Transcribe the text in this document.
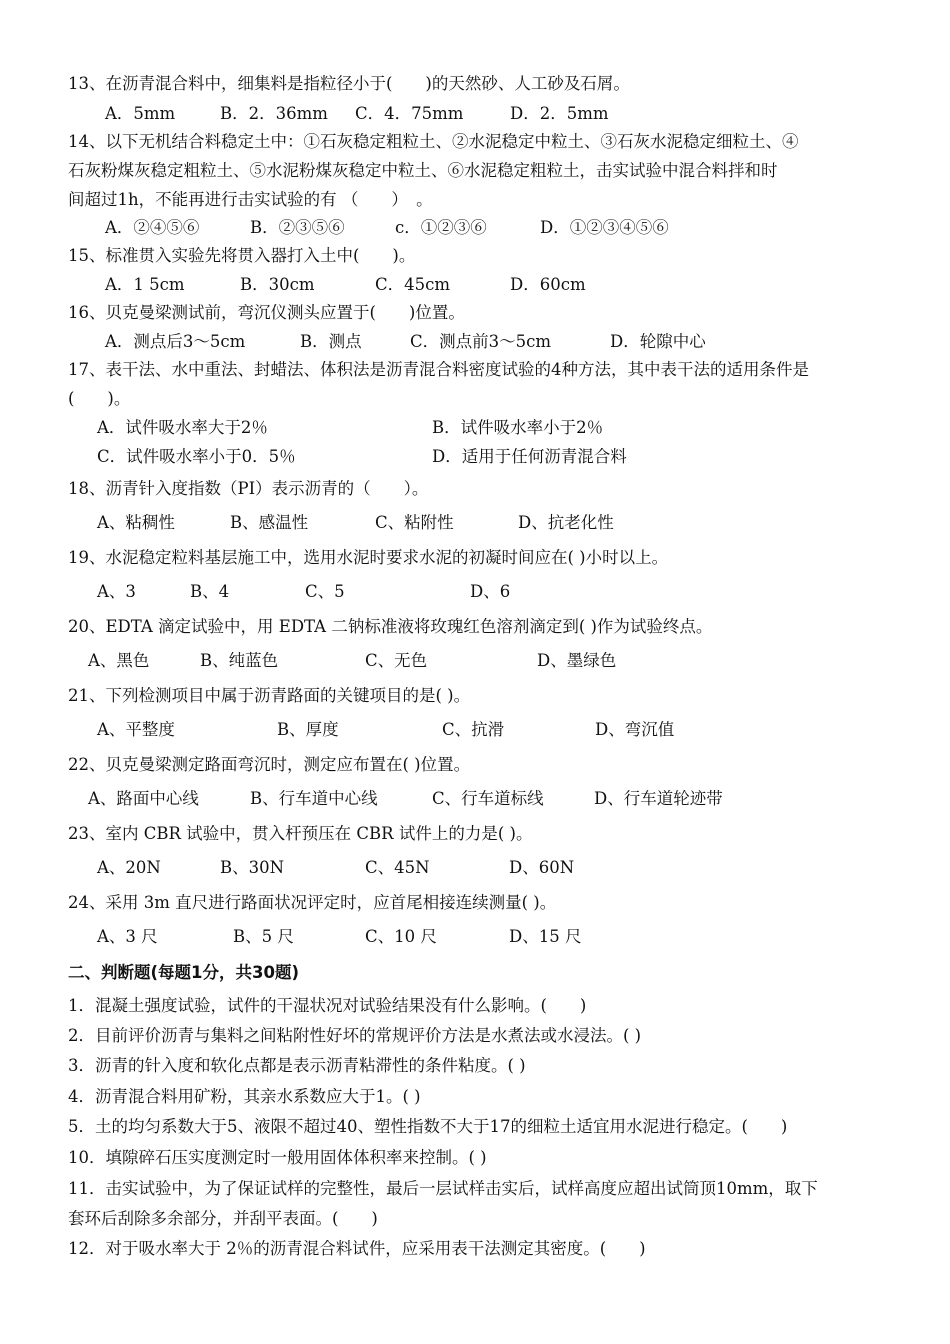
13、在沥青混合料中，细集料是指粒径小于(　　)的天然砂、人工砂及石屑。
A．5mm	B．2．36mm C．4．75mm	D．2．5mm
14、以下无机结合料稳定土中：①石灰稳定粗粒土、②水泥稳定中粒土、③石灰水泥稳定细粒土、④
石灰粉煤灰稳定粗粒土、⑤水泥粉煤灰稳定中粒土、⑥水泥稳定粗粒土，击实试验中混合料拌和时
间超过1h，不能再进行击实试验的有 （　　）　。
A．②④⑤⑥	B．②③⑤⑥	c．①②③⑥	D．①②③④⑤⑥
15、标准贯入实验先将贯入器打入土中(　　)。
A．1 5cm	B．30cm	C．45cm	D．60cm
16、贝克曼梁测试前，弯沉仪测头应置于(　　)位置。
A．测点后3～5cm	B．测点	C．测点前3～5cm	D．轮隙中心
17、表干法、水中重法、封蜡法、体积法是沥青混合料密度试验的4种方法，其中表干法的适用条件是
(　　)。
A．试件吸水率大于2％	B．试件吸水率小于2％
C．试件吸水率小于0．5％	D．适用于任何沥青混合料
18、沥青针入度指数（PI）表示沥青的（　　）。
A、粘稠性	B、感温性	C、粘附性	D、抗老化性
19、水泥稳定粒料基层施工中，选用水泥时要求水泥的初凝时间应在( )小时以上。
A、3	B、4	C、5	D、6
20、EDTA 滴定试验中，用 EDTA 二钠标准液将玫瑰红色溶剂滴定到( )作为试验终点。
A、黑色	B、纯蓝色	C、无色	D、墨绿色
21、下列检测项目中属于沥青路面的关键项目的是( )。
A、平整度	B、厚度	C、抗滑	D、弯沉值
22、贝克曼梁测定路面弯沉时，测定应布置在( )位置。
A、路面中心线	B、行车道中心线	C、行车道标线	D、行车道轮迹带
23、室内 CBR 试验中，贯入杆预压在 CBR 试件上的力是( )。
A、20N	B、30N	C、45N	D、60N
24、采用 3m 直尺进行路面状况评定时，应首尾相接连续测量( )。
A、3 尺	B、5 尺	C、10 尺	D、15 尺
二、判断题(每题1分，共30题)
1．混凝土强度试验，试件的干湿状况对试验结果没有什么影响。(　　)
2．目前评价沥青与集料之间粘附性好坏的常规评价方法是水煮法或水浸法。( )
3．沥青的针入度和软化点都是表示沥青粘滞性的条件粘度。( )
4．沥青混合料用矿粉，其亲水系数应大于1。( )
5．土的均匀系数大于5、液限不超过40、塑性指数不大于17的细粒土适宜用水泥进行稳定。(　　)
10．填隙碎石压实度测定时一般用固体体积率来控制。( )
11．击实试验中，为了保证试样的完整性，最后一层试样击实后，试样高度应超出试筒顶10mm，取下
套环后刮除多余部分，并刮平表面。(　　)
12．对于吸水率大于 2％的沥青混合料试件，应采用表干法测定其密度。(　　)
